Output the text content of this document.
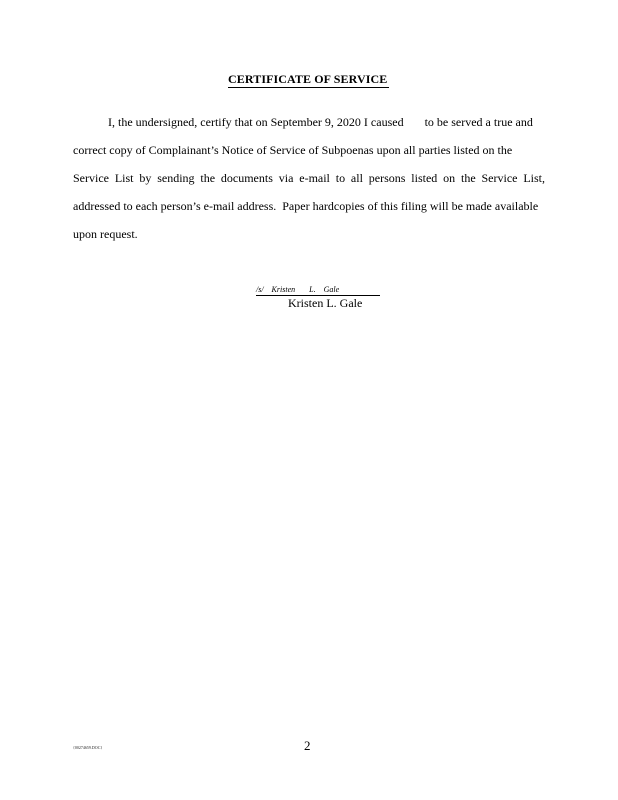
CERTIFICATE OF SERVICE
I, the undersigned, certify that on September 9, 2020 I caused       to be served a true and
correct copy of Complainant’s Notice of Service of Subpoenas upon all parties listed on the
Service List by sending the documents via e-mail to all persons listed on the Service List,
addressed to each person’s e-mail address.  Paper hardcopies of this filing will be made available
upon request.
/s/    Kristen       L.    Gale
Kristen L. Gale
{00274659.DOC}	2
